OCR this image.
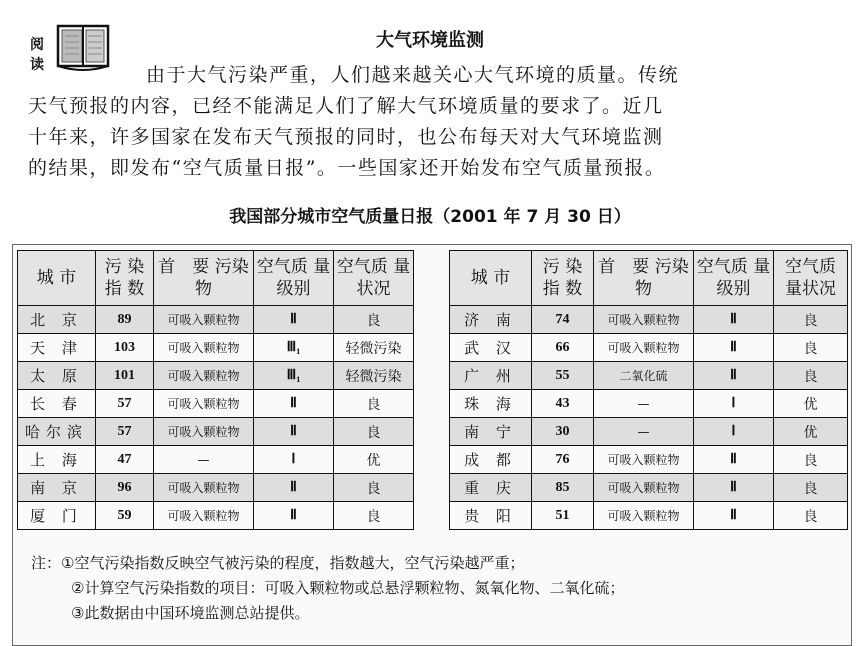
阅
读
大气环境监测
由于大气污染严重，人们越来越关心大气环境的质量。传统
天气预报的内容，已经不能满足人们了解大气环境质量的要求了。近几
十年来，许多国家在发布天气预报的同时，也公布每天对大气环境监测
的结果，即发布“空气质量日报”。一些国家还开始发布空气质量预报。
我国部分城市空气质量日报（2001 年 7 月 30 日）
城 市	污 染 指 数	首　要 污染物	空气质 量级别	空气质 量状况
北 京	89	可吸入颗粒物	Ⅱ	良
天 津	103	可吸入颗粒物	Ⅲ₁	轻微污染
太 原	101	可吸入颗粒物	Ⅲ₁	轻微污染
长 春	57	可吸入颗粒物	Ⅱ	良
哈尔滨	57	可吸入颗粒物	Ⅱ	良
上 海	47	—	Ⅰ	优
南 京	96	可吸入颗粒物	Ⅱ	良
厦 门	59	可吸入颗粒物	Ⅱ	良
城 市	污 染 指 数	首　要 污染物	空气质 量级别	空气质 量状况
济 南	74	可吸入颗粒物	Ⅱ	良
武 汉	66	可吸入颗粒物	Ⅱ	良
广 州	55	二氧化硫	Ⅱ	良
珠 海	43	—	Ⅰ	优
南 宁	30	—	Ⅰ	优
成 都	76	可吸入颗粒物	Ⅱ	良
重 庆	85	可吸入颗粒物	Ⅱ	良
贵 阳	51	可吸入颗粒物	Ⅱ	良
注：①空气污染指数反映空气被污染的程度，指数越大，空气污染越严重；
②计算空气污染指数的项目：可吸入颗粒物或总悬浮颗粒物、氮氧化物、二氧化硫；
③此数据由中国环境监测总站提供。
